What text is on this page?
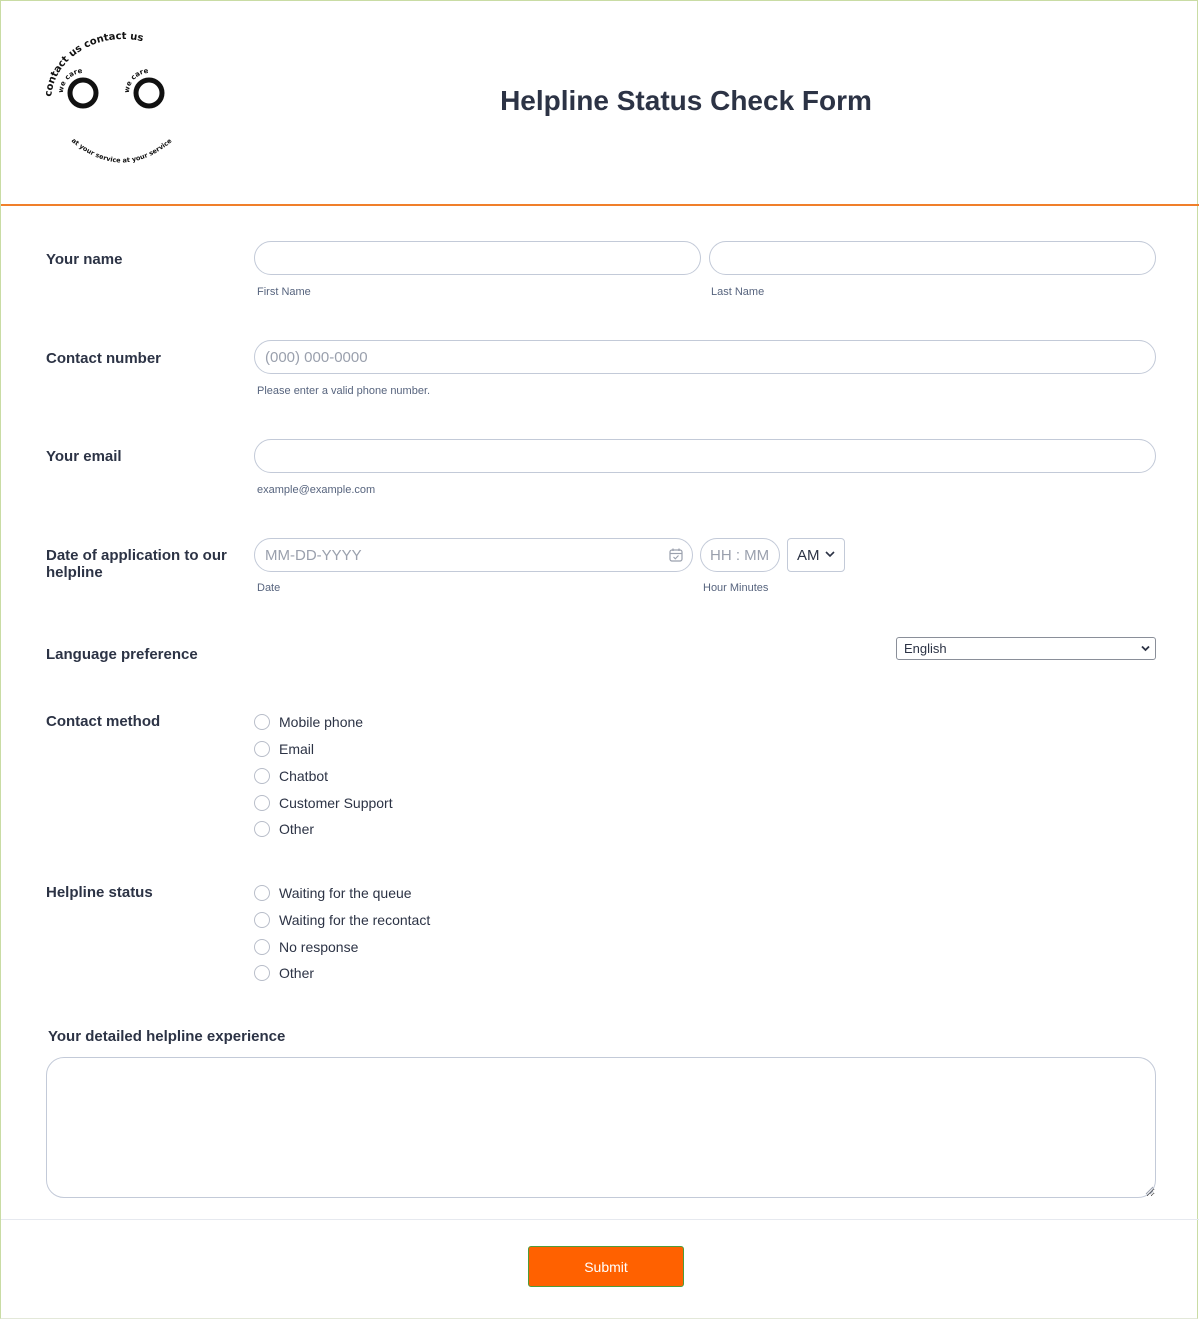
contact us contact us
we care
we care
at your service at your service
Helpline Status Check Form
Your name
First Name	Last Name
Contact number
(000) 000-0000
Please enter a valid phone number.
Your email
example@example.com
Date of application to our helpline
MM-DD-YYYY
Date
HH : MM	Hour Minutes
AM
Language preference	English
Contact method	Mobile phone
Email
Chatbot
Customer Support
Other
Helpline status	Waiting for the queue
Waiting for the recontact
No response
Other
Your detailed helpline experience
Submit
